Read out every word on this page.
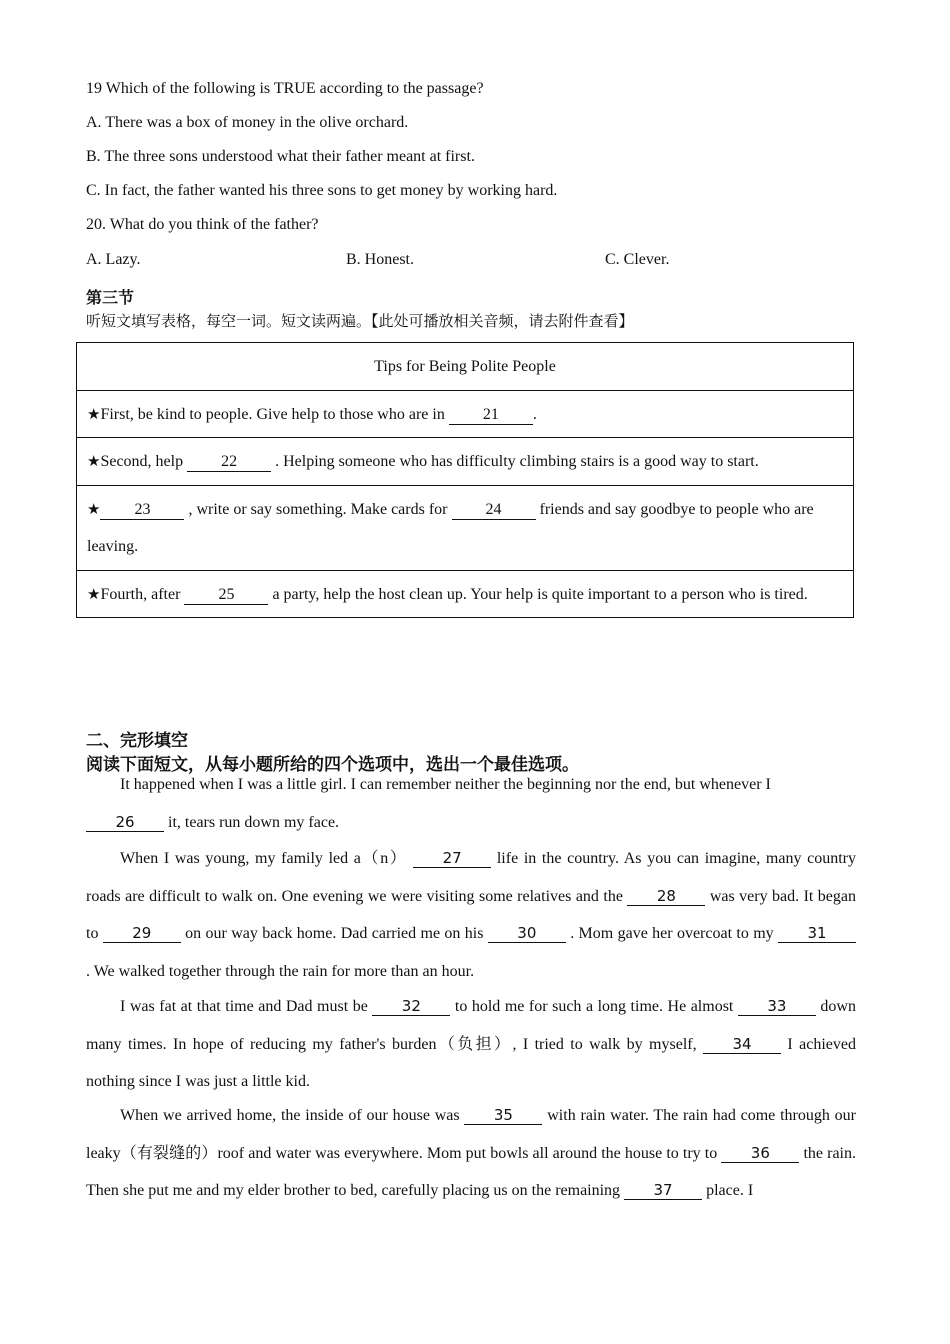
19 Which of the following is TRUE according to the passage?
A. There was a box of money in the olive orchard.
B. The three sons understood what their father meant at first.
C. In fact, the father wanted his three sons to get money by working hard.
20. What do you think of the father?
A. Lazy.	B. Honest.	C. Clever.
第三节
听短文填写表格，每空一词。短文读两遍。【此处可播放相关音频，请去附件查看】
Tips for Being Polite People
★First, be kind to people. Give help to those who are in 21 .
★Second, help 22 . Helping someone who has difficulty climbing stairs is a good way to start.
★ 23 , write or say something. Make cards for 24 friends and say goodbye to people who are
leaving.
★Fourth, after 25 a party, help the host clean up. Your help is quite important to a person who is tired.
二、完形填空
阅读下面短文，从每小题所给的四个选项中，选出一个最佳选项。
It happened when I was a little girl. I can remember neither the beginning nor the end, but whenever I
26 it, tears run down my face.
When I was young, my family led a（n） 27 life in the country. As you can imagine, many country roads are difficult to walk on. One evening we were visiting some relatives and the 28 was very bad. It began to 29 on our way back home. Dad carried me on his 30 . Mom gave her overcoat to my 31 . We walked together through the rain for more than an hour.
I was fat at that time and Dad must be 32 to hold me for such a long time. He almost 33 down many times. In hope of reducing my father's burden（负担）, I tried to walk by myself, 34 I achieved nothing since I was just a little kid.
When we arrived home, the inside of our house was 35 with rain water. The rain had come through our leaky（有裂缝的）roof and water was everywhere. Mom put bowls all around the house to try to 36 the rain. Then she put me and my elder brother to bed, carefully placing us on the remaining 37 place. I
